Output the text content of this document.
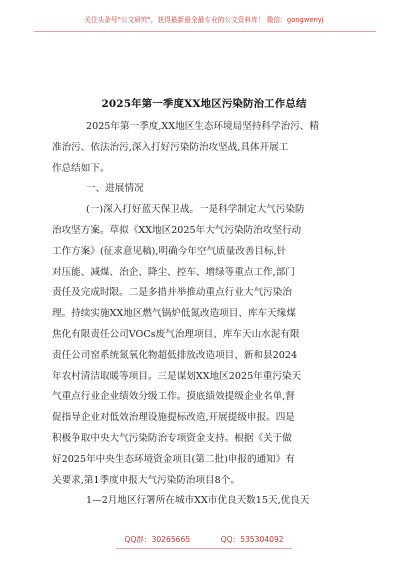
关注头条号"公文研究"，获得最新最全最专业的公文资料库！ 微信：gongwenyj
2025年第一季度XX地区污染防治工作总结
2025年第一季度,XX地区生态环境局坚持科学治污、精
准治污、依法治污,深入打好污染防治攻坚战,具体开展工
作总结如下。
一、进展情况
(一)深入打好蓝天保卫战。一是科学制定大气污染防
治攻坚方案。草拟《XX地区2025年大气污染防治攻坚行动
工作方案》(征求意见稿),明确今年空气质量改善目标,针
对压能、减煤、治企、降尘、控车、增绿等重点工作,部门
责任及完成时限。二是多措并举推动重点行业大气污染治
理。持续实施XX地区燃气锅炉低氮改造项目、库车天缘煤
焦化有限责任公司VOCs废气治理项目、库车天山水泥有限
责任公司窑系统氮氧化物超低排放改造项目、新和县2024
年农村清洁取暖等项目。三是谋划XX地区2025年重污染天
气重点行业企业绩效分级工作。摸底绩效提级企业名单,督
促指导企业对低效治理设施提标改造,开展提级申报。四是
积极争取中央大气污染防治专项资金支持。根据《关于做
好2025年中央生态环境资金项目(第二批)申报的通知》有
关要求,第1季度申报大气污染防治项目8个。
1—2月地区行署所在城市XX市优良天数15天,优良天
QQ群：30265665	QQ：535304092
